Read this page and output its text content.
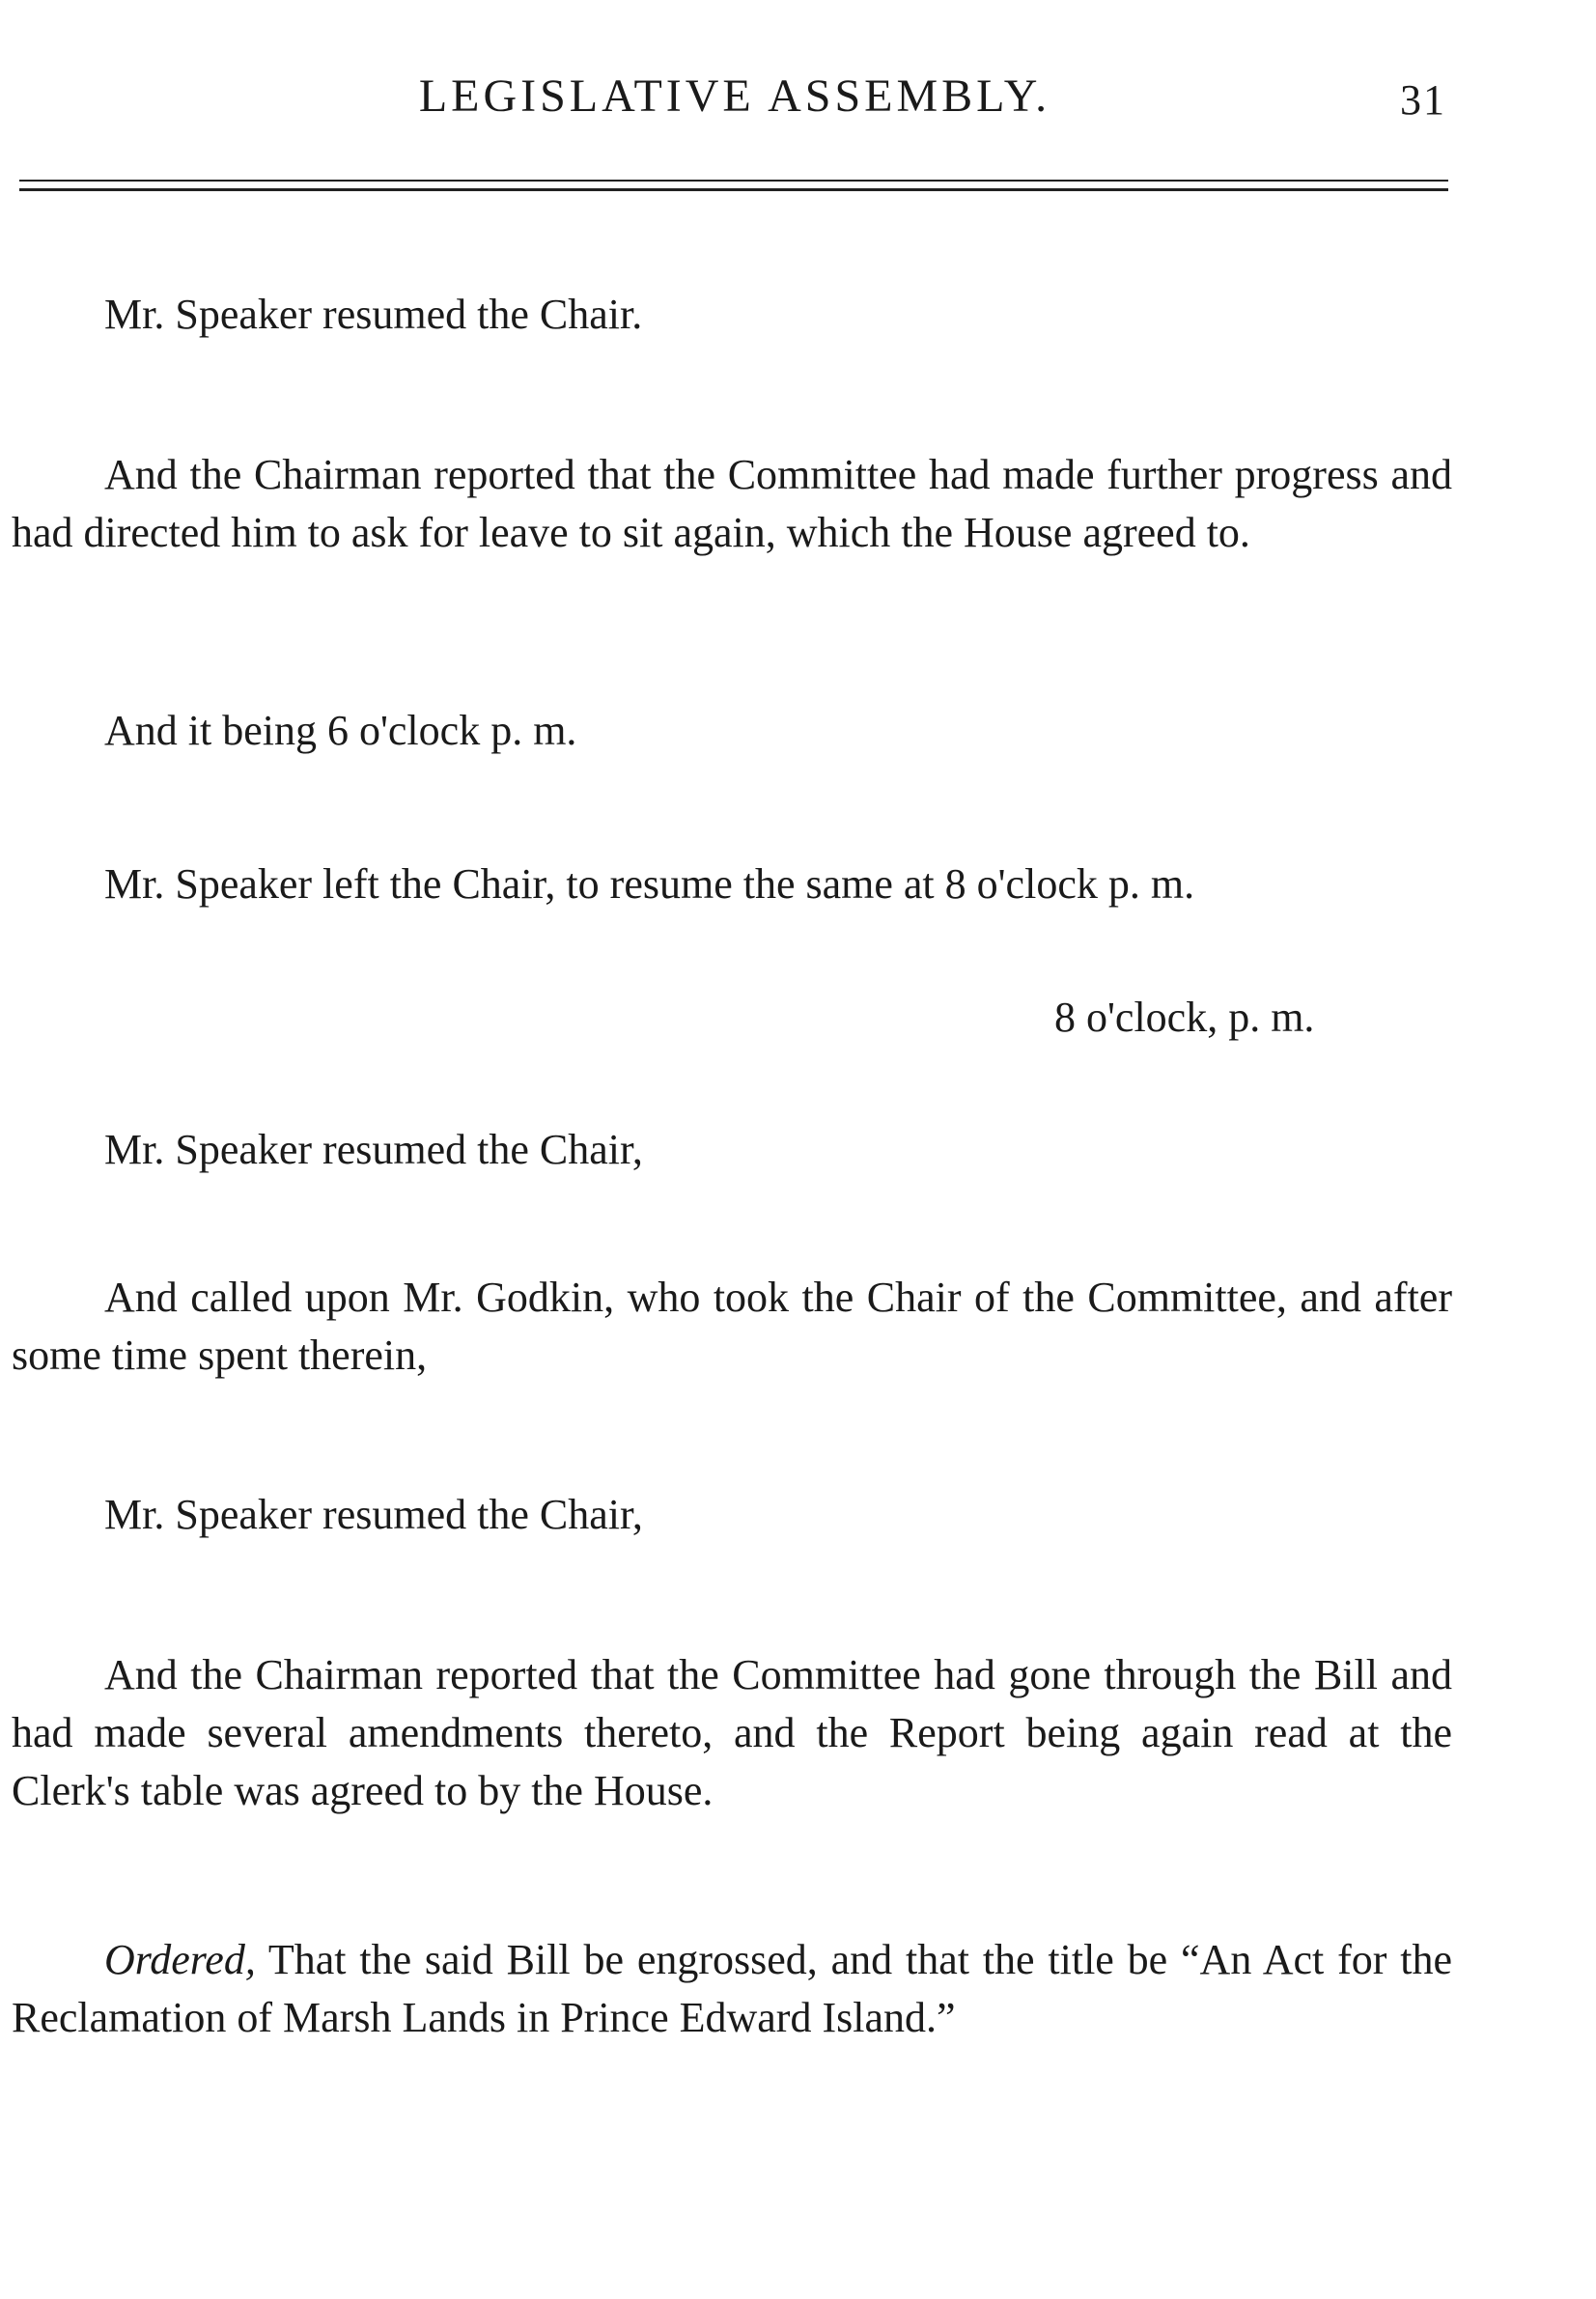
LEGISLATIVE ASSEMBLY.	31

Mr. Speaker resumed the Chair.

And the Chairman reported that the Committee had made further progress and had directed him to ask for leave to sit again, which the House agreed to.

And it being 6 o'clock p. m.

Mr. Speaker left the Chair, to resume the same at 8 o'clock p. m.

8 o'clock, p. m.

Mr. Speaker resumed the Chair,

And called upon Mr. Godkin, who took the Chair of the Committee, and after some time spent therein,

Mr. Speaker resumed the Chair,

And the Chairman reported that the Committee had gone through the Bill and had made several amendments thereto, and the Report being again read at the Clerk's table was agreed to by the House.

Ordered, That the said Bill be engrossed, and that the title be “An Act for the Reclamation of Marsh Lands in Prince Edward Island.”
